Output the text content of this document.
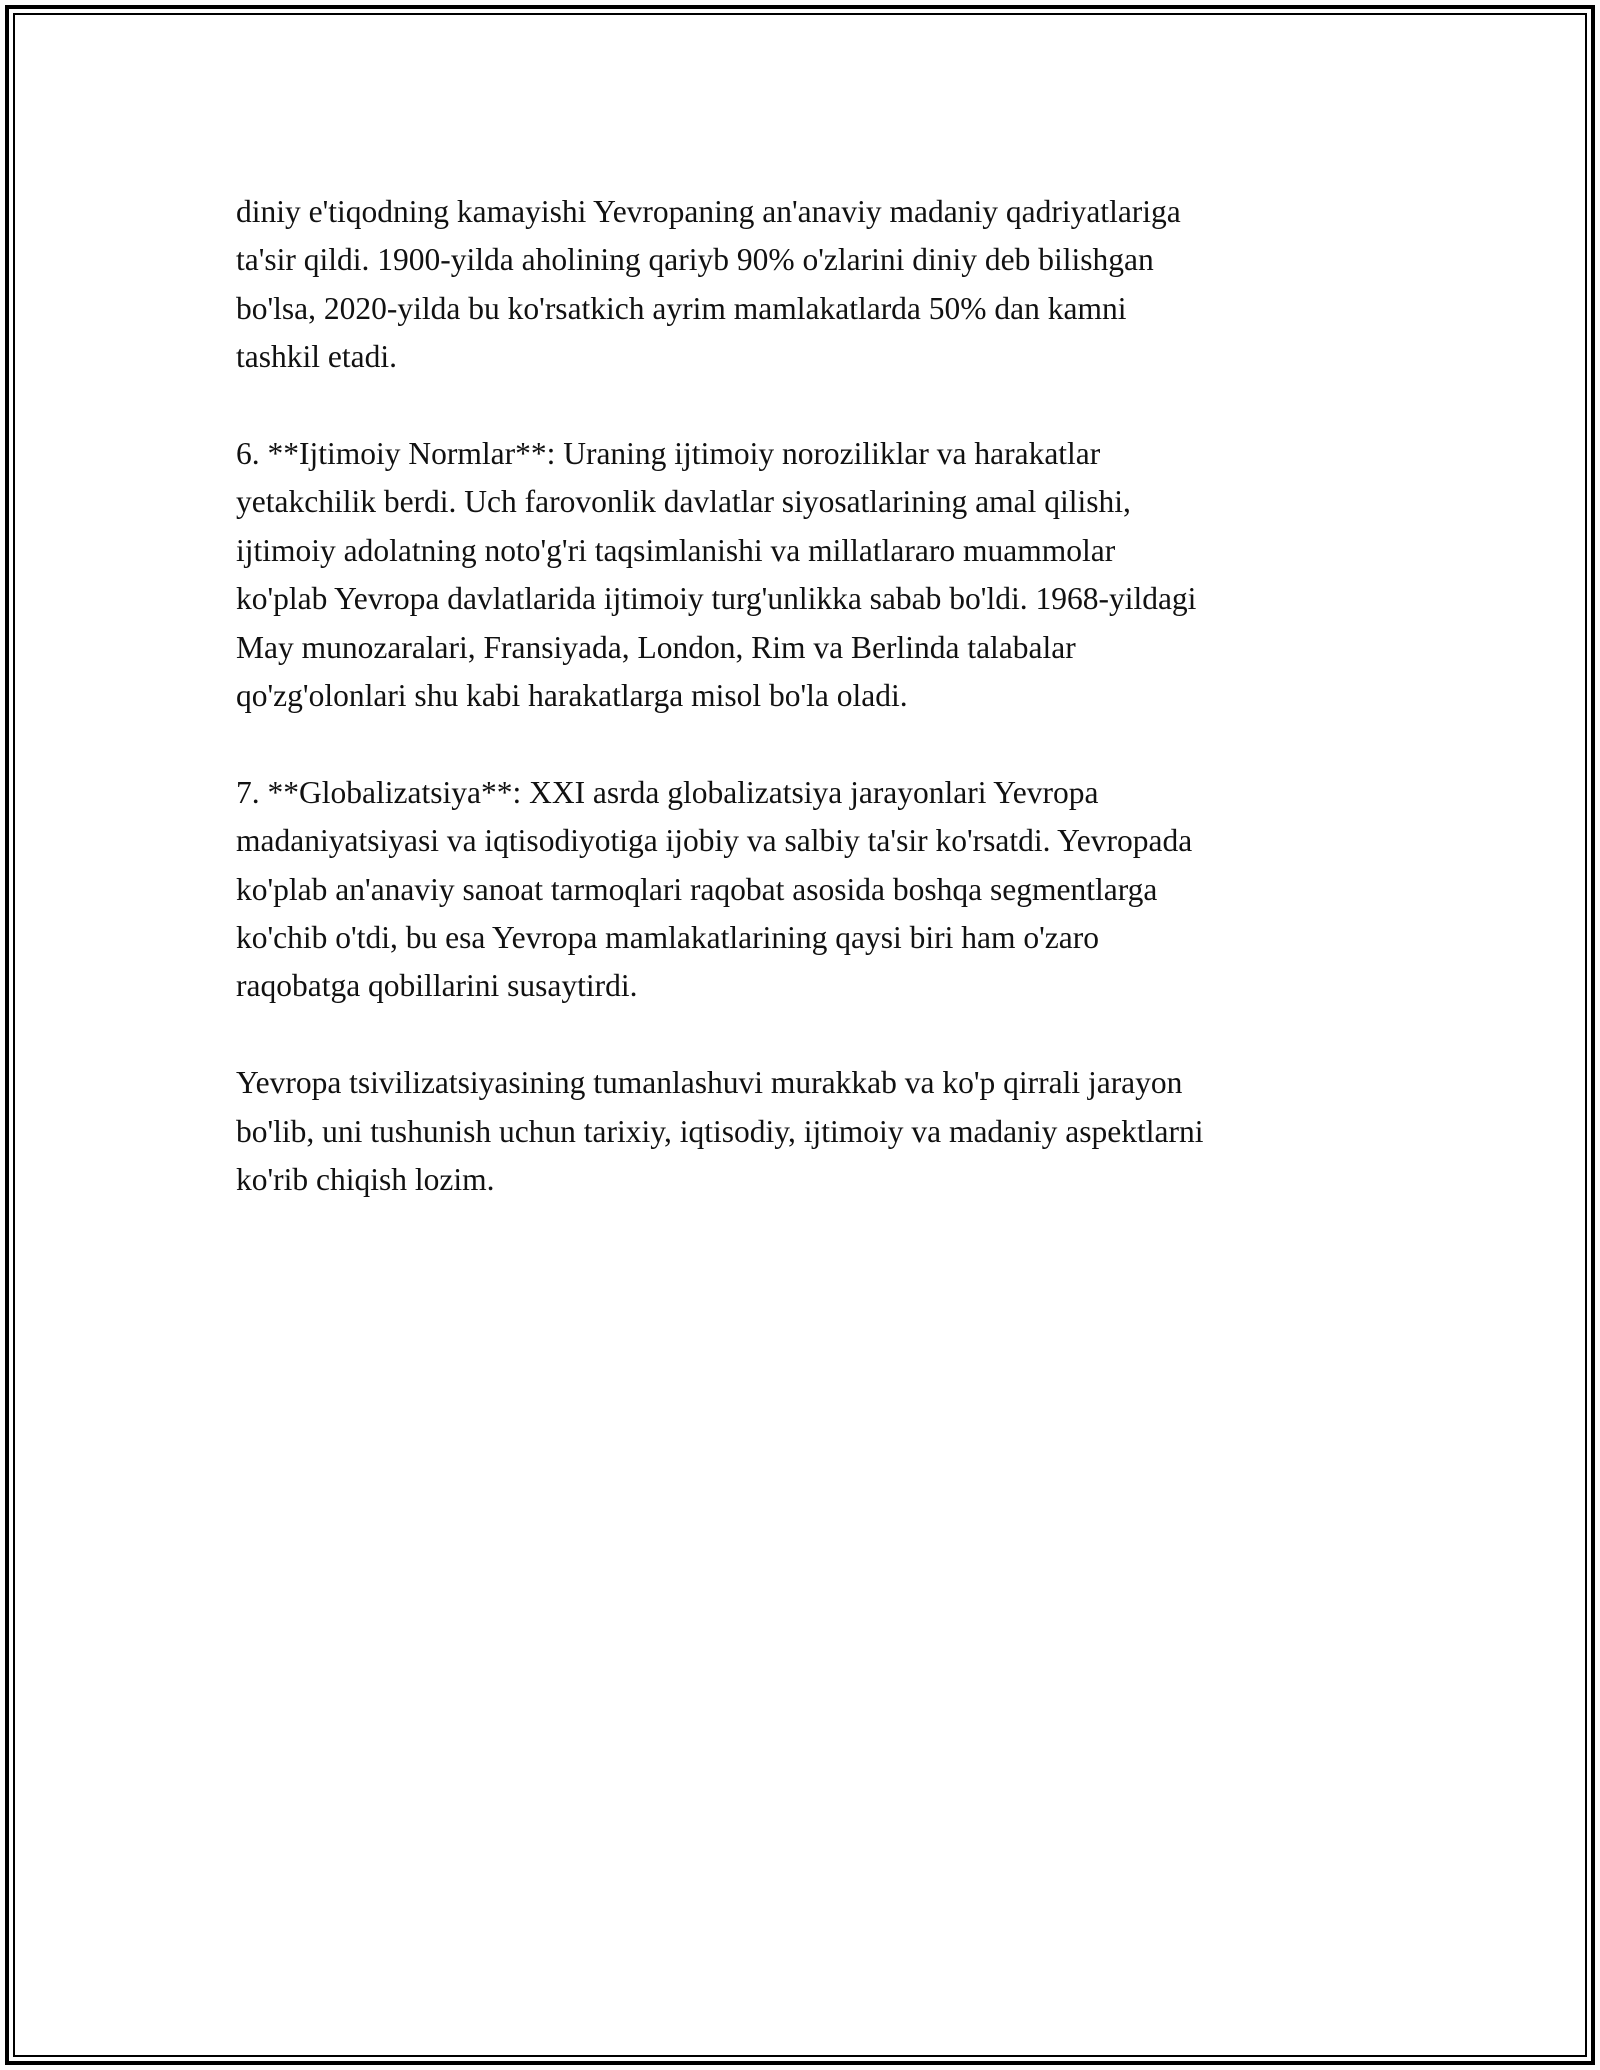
diniy e'tiqodning kamayishi Yevropaning an'anaviy madaniy qadriyatlariga
ta'sir qildi. 1900-yilda aholining qariyb 90% o'zlarini diniy deb bilishgan
bo'lsa, 2020-yilda bu ko'rsatkich ayrim mamlakatlarda 50% dan kamni
tashkil etadi.

6. **Ijtimoiy Normlar**: Uraning ijtimoiy noroziliklar va harakatlar
yetakchilik berdi. Uch farovonlik davlatlar siyosatlarining amal qilishi,
ijtimoiy adolatning noto'g'ri taqsimlanishi va millatlararo muammolar
ko'plab Yevropa davlatlarida ijtimoiy turg'unlikka sabab bo'ldi. 1968-yildagi
May munozaralari, Fransiyada, London, Rim va Berlinda talabalar
qo'zg'olonlari shu kabi harakatlarga misol bo'la oladi.

7. **Globalizatsiya**: XXI asrda globalizatsiya jarayonlari Yevropa
madaniyatsiyasi va iqtisodiyotiga ijobiy va salbiy ta'sir ko'rsatdi. Yevropada
ko'plab an'anaviy sanoat tarmoqlari raqobat asosida boshqa segmentlarga
ko'chib o'tdi, bu esa Yevropa mamlakatlarining qaysi biri ham o'zaro
raqobatga qobillarini susaytirdi.

Yevropa tsivilizatsiyasining tumanlashuvi murakkab va ko'p qirrali jarayon
bo'lib, uni tushunish uchun tarixiy, iqtisodiy, ijtimoiy va madaniy aspektlarni
ko'rib chiqish lozim.
